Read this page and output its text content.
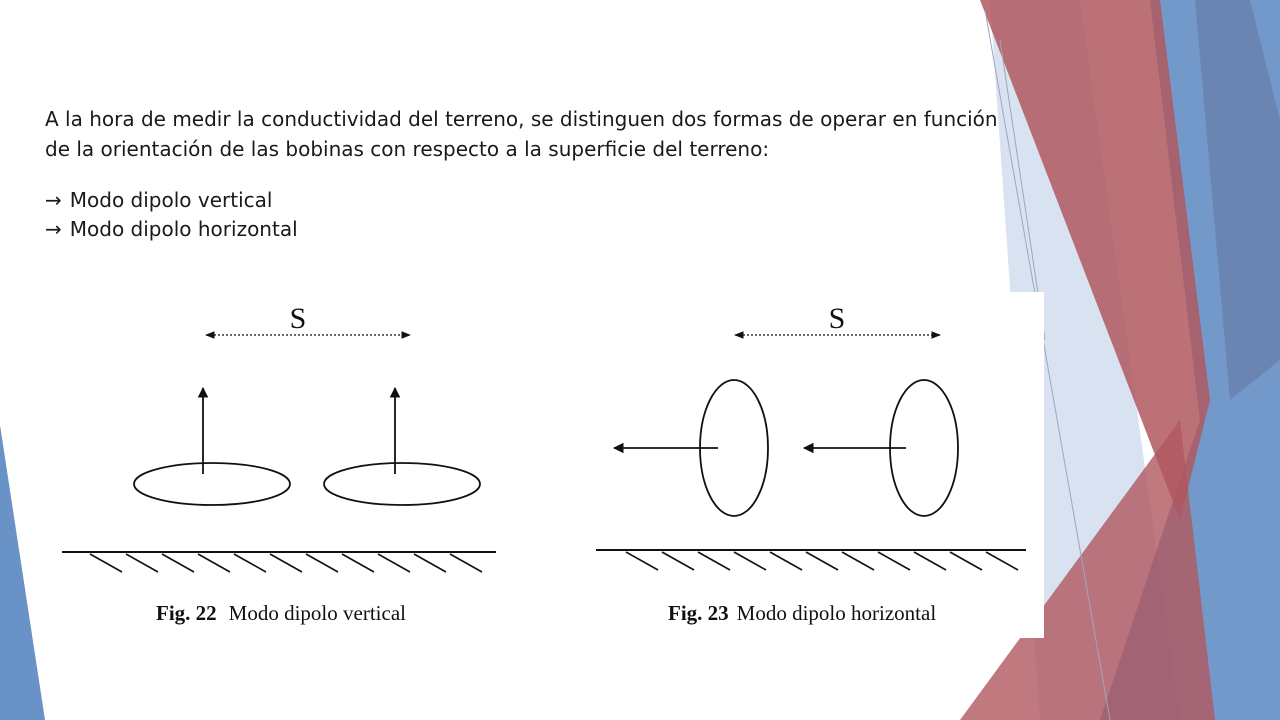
A la hora de medir la conductividad del terreno, se distinguen dos formas de operar en función de la orientación de las bobinas con respecto a la superficie del terreno:

→ Modo dipolo vertical
→ Modo dipolo horizontal
S
Fig. 22 Modo dipolo vertical
S
Fig. 23 Modo dipolo horizontal
